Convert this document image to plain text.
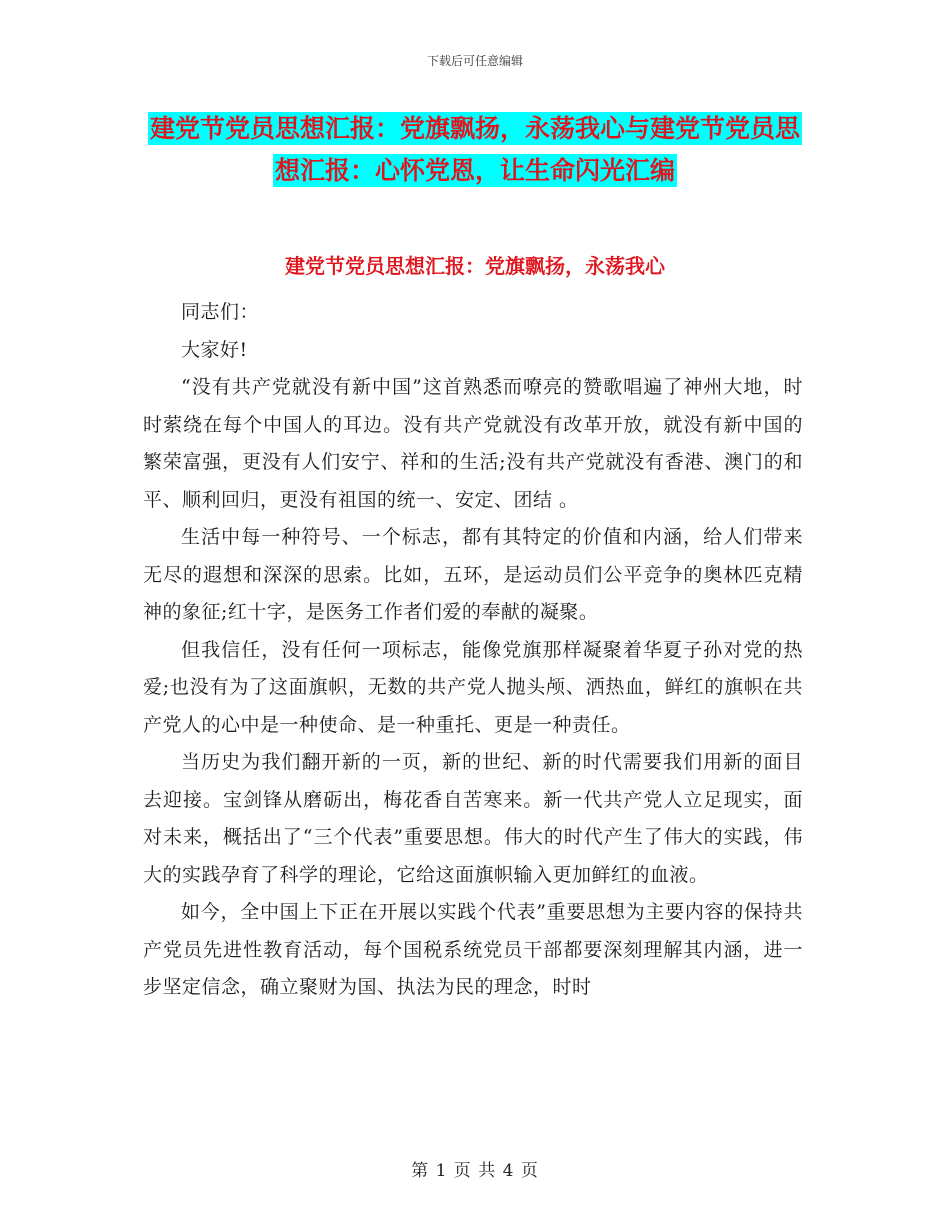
下载后可任意编辑
建党节党员思想汇报：党旗飘扬，永荡我心与建党节党员思想汇报：心怀党恩，让生命闪光汇编
建党节党员思想汇报：党旗飘扬，永荡我心

同志们：

大家好!

“没有共产党就没有新中国”这首熟悉而嘹亮的赞歌唱遍了神州大地，时时萦绕在每个中国人的耳边。没有共产党就没有改革开放，就没有新中国的繁荣富强，更没有人们安宁、祥和的生活;没有共产党就没有香港、澳门的和平、顺利回归，更没有祖国的统一、安定、团结 。

生活中每一种符号、一个标志，都有其特定的价值和内涵，给人们带来无尽的遐想和深深的思索。比如，五环，是运动员们公平竞争的奥林匹克精神的象征;红十字，是医务工作者们爱的奉献的凝聚。

但我信任，没有任何一项标志，能像党旗那样凝聚着华夏子孙对党的热爱;也没有为了这面旗帜，无数的共产党人抛头颅、洒热血，鲜红的旗帜在共产党人的心中是一种使命、是一种重托、更是一种责任。

当历史为我们翻开新的一页，新的世纪、新的时代需要我们用新的面目去迎接。宝剑锋从磨砺出，梅花香自苦寒来。新一代共产党人立足现实，面对未来，概括出了“三个代表”重要思想。伟大的时代产生了伟大的实践，伟大的实践孕育了科学的理论，它给这面旗帜输入更加鲜红的血液。

如今，全中国上下正在开展以实践个代表”重要思想为主要内容的保持共产党员先进性教育活动，每个国税系统党员干部都要深刻理解其内涵，进一步坚定信念，确立聚财为国、执法为民的理念，时时

第 1 页 共 4 页
